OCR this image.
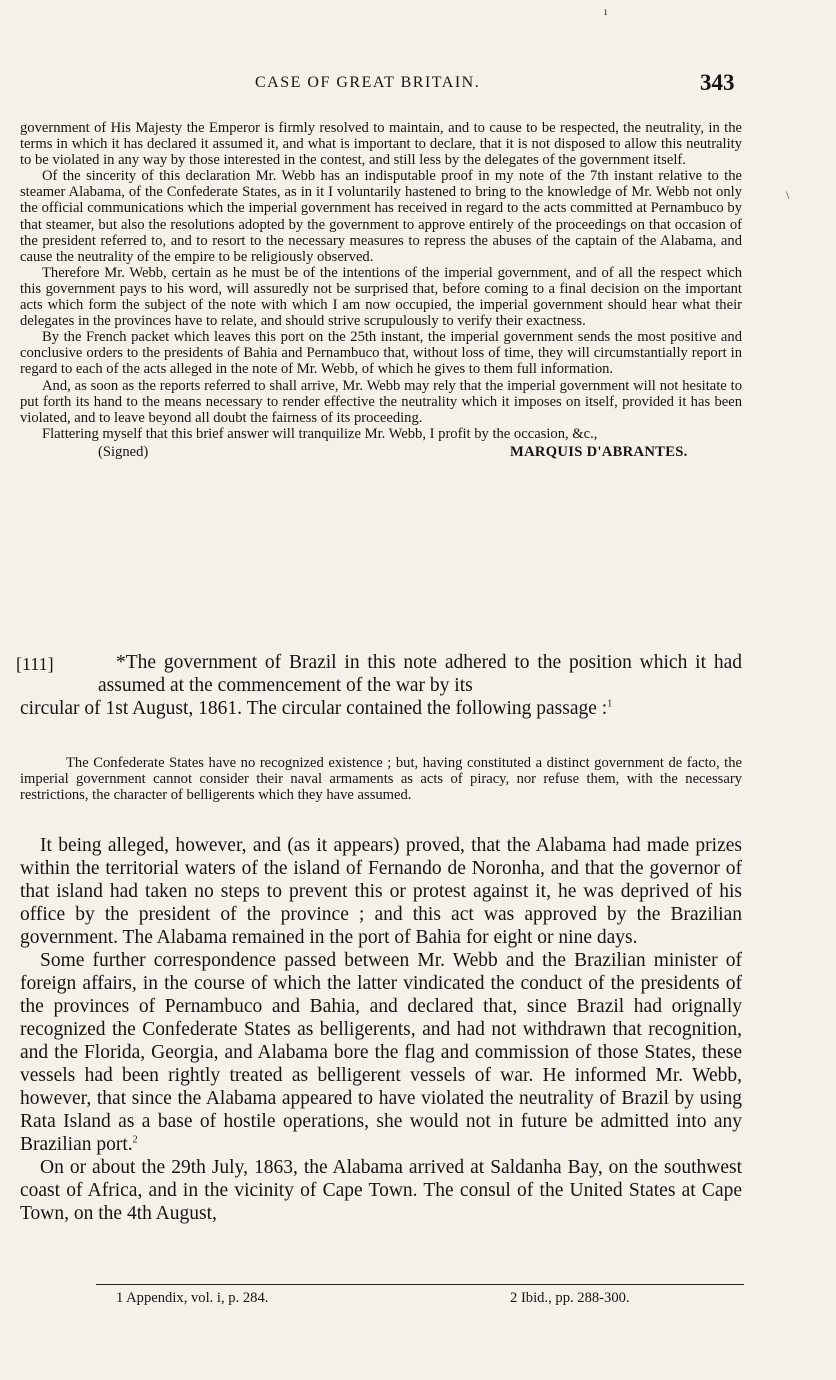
CASE OF GREAT BRITAIN.	343
ı
\

government of His Majesty the Emperor is firmly resolved to maintain, and to cause to be respected, the neutrality, in the terms in which it has declared it assumed it, and what is important to declare, that it is not disposed to allow this neutrality to be violated in any way by those interested in the contest, and still less by the delegates of the government itself.

Of the sincerity of this declaration Mr. Webb has an indisputable proof in my note of the 7th instant relative to the steamer Alabama, of the Confederate States, as in it I voluntarily hastened to bring to the knowledge of Mr. Webb not only the official communications which the imperial government has received in regard to the acts committed at Pernambuco by that steamer, but also the resolutions adopted by the government to approve entirely of the proceedings on that occasion of the president referred to, and to resort to the necessary measures to repress the abuses of the captain of the Alabama, and cause the neutrality of the empire to be religiously observed.

Therefore Mr. Webb, certain as he must be of the intentions of the imperial government, and of all the respect which this government pays to his word, will assuredly not be surprised that, before coming to a final decision on the important acts which form the subject of the note with which I am now occupied, the imperial government should hear what their delegates in the provinces have to relate, and should strive scrupulously to verify their exactness.

By the French packet which leaves this port on the 25th instant, the imperial government sends the most positive and conclusive orders to the presidents of Bahia and Pernambuco that, without loss of time, they will circumstantially report in regard to each of the acts alleged in the note of Mr. Webb, of which he gives to them full information.

And, as soon as the reports referred to shall arrive, Mr. Webb may rely that the imperial government will not hesitate to put forth its hand to the means necessary to render effective the neutrality which it imposes on itself, provided it has been violated, and to leave beyond all doubt the fairness of its proceeding.

Flattering myself that this brief answer will tranquilize Mr. Webb, I profit by the occasion, &c.,

(Signed)	MARQUIS D'ABRANTES.
[111]	*The government of Brazil in this note adhered to the position which it had assumed at the commencement of the war by its
circular of 1st August, 1861. The circular contained the following passage :$^1$
The Confederate States have no recognized existence ; but, having constituted a distinct government de facto, the imperial government cannot consider their naval armaments as acts of piracy, nor refuse them, with the necessary restrictions, the character of belligerents which they have assumed.

It being alleged, however, and (as it appears) proved, that the Alabama had made prizes within the territorial waters of the island of Fernando de Noronha, and that the governor of that island had taken no steps to prevent this or protest against it, he was deprived of his office by the president of the province ; and this act was approved by the Brazilian government. The Alabama remained in the port of Bahia for eight or nine days.

Some further correspondence passed between Mr. Webb and the Brazilian minister of foreign affairs, in the course of which the latter vindicated the conduct of the presidents of the provinces of Pernambuco and Bahia, and declared that, since Brazil had orignally recognized the Confederate States as belligerents, and had not withdrawn that recognition, and the Florida, Georgia, and Alabama bore the flag and commission of those States, these vessels had been rightly treated as belligerent vessels of war. He informed Mr. Webb, however, that since the Alabama appeared to have violated the neutrality of Brazil by using Rata Island as a base of hostile operations, she would not in future be admitted into any Brazilian port.$^2$

On or about the 29th July, 1863, the Alabama arrived at Saldanha Bay, on the southwest coast of Africa, and in the vicinity of Cape Town. The consul of the United States at Cape Town, on the 4th August,

1 Appendix, vol. i, p. 284.	2 Ibid., pp. 288-300.
